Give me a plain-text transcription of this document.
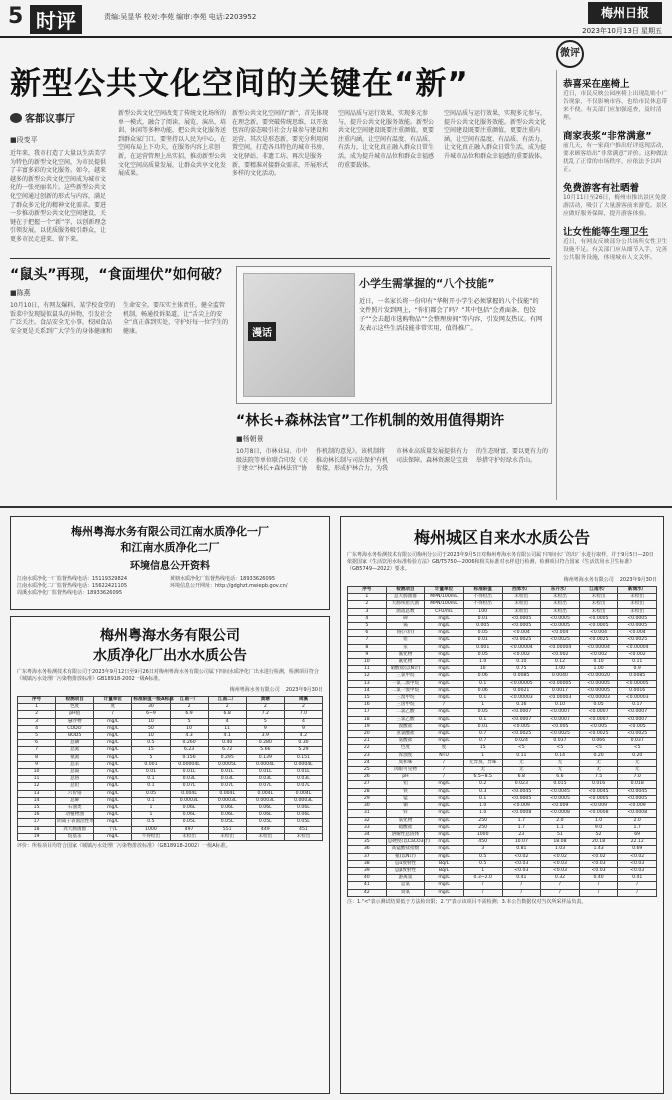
5 时评	责编:吴显华 校对:李苑 编审:李苑 电话:2203952	梅州日报
2023年10月13日 星期五
新型公共文化空间的关键在“新”
客都议事厅
■段变平
近年来，我市打造了大量以生活美学为特色的新型文化空间，为市民提供了丰富多彩的文化服务。如今，越来越多的新型公共文化空间成为城市文化的一张亮丽名片。这些新型公共文化空间通过创新的形式与内容，满足了群众多元化的精神文化需求。要进一步推动新型公共文化空间建设，关键在于把握一个“新”字，以创新理念引领发展，以优质服务吸引群众，让更多市民走进来、留下来。
新型公共文化空间改变了传统文化场所的单一模式，融合了阅读、展览、演出、培训、休闲等多种功能，把公共文化服务送到群众家门口。要坚持以人民为中心，在空间布局上下功夫，在服务内容上求创新，在运营管理上出实招，推动新型公共文化空间高质量发展，让群众共享文化发展成果。
新型公共文化空间的“新”，首先体现在理念新。要突破传统思维，以开放包容的姿态吸引社会力量参与建设和运营。其次是形态新，要充分利用闲置空间，打造各具特色的城市书房、文化驿站、非遗工坊。再次是服务新，要精准对接群众需求，开展形式多样的文化活动。
空间品质与运行效果，实现多元参与，提升公共文化服务效能。新型公共文化空间建设既要注重颜值，更要注重内涵，让空间有温度、有品质、有活力，让文化真正融入群众日常生活，成为提升城市品位和群众幸福感的重要载体。
空间品质与运行效果，实现多元参与，提升公共文化服务效能。新型公共文化空间建设既要注重颜值，更要注重内涵，让空间有温度、有品质、有活力，让文化真正融入群众日常生活，成为提升城市品位和群众幸福感的重要载体。
“鼠头”再现，“食面埋伏”如何破？
■陈燕
10月10日，有网友爆料，某学校食堂的饭菜中发现疑似鼠头的异物，引发社会广泛关注。食品安全无小事，校园食品安全更是关系到广大学生的身体健康和生命安全。要压实主体责任，健全监管机制，畅通投诉渠道，让“舌尖上的安全”真正落到实处，守护好每一位学生的健康。	漫话
小学生需掌握的“八个技能”
近日，一名家长将一份印有“华附开小学生必须掌握的八个技能”的文件照片发到网上，“你们都会了吗？”其中包括“会煮面条、包饺子”“会去超市选购物品”“会整理房间”等内容，引发网友热议。有网友表示这些生活技能非常实用，值得推广。
“林长+森林法官”工作机制的效用值得期许
■杨朝景
10月8日，市林业局、市中级法院等单位联合印发《关于建立“林长+森林法官”协作机制的意见》。该机制将推动林长制与司法保护有机衔接，形成护林合力，为我市林业高质量发展提供有力司法保障。森林资源是宝贵的生态财富，要以更有力的举措守护好绿水青山。
微评
恭喜采在座椅上
近日，市民反映公园座椅上出现乱贴小广告现象，不仅影响市容，也给市民休息带来不便。有关部门应加强巡查，及时清理。
商家表浆“非常满意”
前几天，有一家商户推出好评返现活动，要求顾客给出“非常满意”评价。这种做法扰乱了正常的市场秩序，应依法予以纠正。
免费游客有社晒着
10月11日至26日，梅州市推出景区免费游活动，吸引了大量游客前来游览。景区应做好服务保障，提升游客体验。
让女性能等生理卫生
近日，有网友反映部分公共场所女性卫生设施不足。有关部门应从细节入手，完善公共服务设施，体现城市人文关怀。
梅州粤海水务有限公司江南水质净化一厂
和江南水质净化二厂
环境信息公开资料
江南水质净化一厂监督热线电话：15119329824	黄塘水质净化厂监督热线电话：18933626095
江南水质净化二厂监督热线电话：15622421105	环境信息公开网址：http://gdghzt.meiepb.gov.cn/
周溪水质净化厂监督热线电话：18933626095
梅州粤海水务有限公司
水质净化厂出水水质公告
广东粤海水务检测技术有限公司于2023年9月12日至9月26日对梅州粤海水务有限公司属下四间水质净化厂出水进行检测，检测项目符合《城镇污水处理厂污染物排放标准》GB18918-2002一级A标准。
梅州粤海水务有限公司 2023年9月30日
序号	检测项目	计量单位	标准限值一级A标准	江南一厂	江南二厂	黄塘	周溪
1	色度	度	30	2	2	2	2
2	pH值	/	6~9	6.9	6.8	7.2	7.0
3	悬浮物	mg/L	10	5	4	5	4
4	CODcr	mg/L	50	10	11	9	9
5	BOD5	mg/L	10	4.3	4.1	3.9	4.2
6	总磷	mg/L	0.5	0.260	0.40	0.280	0.30
7	总氮	mg/L	15	6.23	6.72	5.66	5.29
8	氨氮	mg/L	5	0.156	0.295	0.139	0.151
9	总汞	mg/L	0.001	0.00004L	0.0005L	0.0004L	0.0004L
10	总镉	mg/L	0.01	0.01L	0.01L	0.01L	0.01L
11	总铬	mg/L	0.1	0.03L	0.03L	0.03L	0.03L
12	总铅	mg/L	0.1	0.07L	0.07L	0.07L	0.07L
13	六价铬	mg/L	0.05	0.004L	0.004L	0.004L	0.004L
14	总砷	mg/L	0.1	0.0003L	0.0003L	0.0003L	0.0003L
15	石油类	mg/L	1	0.06L	0.06L	0.06L	0.06L
16	动植物油	mg/L	1	0.06L	0.06L	0.06L	0.06L
17	阴离子表面活性剂	mg/L	0.5	0.05L	0.05L	0.05L	0.05L
18	粪大肠菌群	个/L	1000	497	551	449	451
19	烷基汞	mg/L	不得检出	未检出	未检出	未检出	未检出
评价：所检项目均符合国家《城镇污水处理厂污染物排放标准》（GB18918-2002）一级A标准。
梅州城区自来水水质公告
广东粤海水务检测技术有限公司梅州分公司于2023年9月5日对梅州粤海水务有限公司属下四间水厂的出厂水进行取样，并于9月5日—20日依据国家《生活饮用水标准检验方法》GB/T5750—2006和相关标准对水样进行检测，检测项目符合国家《生活饮用水卫生标准》（GB5749—2022）要求。
梅州粤海水务有限公司 2023年9月30日
序号	检测项目	计量单位	标准限值	西郊水厂	东升水厂	江南水厂	新城水厂
1	总大肠菌群	MPN/100mL	不得检出	未检出	未检出	未检出	未检出
2	大肠埃希氏菌	MPN/100mL	不得检出	未检出	未检出	未检出	未检出
3	菌落总数	CFU/mL	100	未检出	未检出	未检出	未检出
4	砷	mg/L	0.01	<0.0005	<0.0005	<0.0005	<0.0005
5	镉	mg/L	0.005	<0.0005	<0.0005	<0.0005	<0.0005
6	铬(六价)	mg/L	0.05	<0.004	<0.004	<0.004	<0.004
7	铅	mg/L	0.01	<0.0025	<0.0025	<0.0025	<0.0025
8	汞	mg/L	0.001	<0.00004	<0.00004	<0.00004	<0.00004
9	氰化物	mg/L	0.05	<0.002	<0.002	<0.002	<0.002
10	氟化物	mg/L	1.0	0.10	0.12	0.10	0.11
11	硝酸盐(以N计)	mg/L	10	0.75	1.00	1.00	0.9
12	三氯甲烷	mg/L	0.06	0.0085	0.0040	<0.00020	0.0085
13	一氯二溴甲烷	mg/L	0.1	<0.00005	<0.00005	<0.00005	<0.00005
14	二氯一溴甲烷	mg/L	0.06	0.0021	0.0017	<0.00005	0.0016
15	三溴甲烷	mg/L	0.1	<0.00003	<0.00003	<0.00003	<0.00003
16	三卤甲烷	/	1	0.16	0.10	0.05	0.17
17	二氯乙酸	mg/L	0.05	<0.0007	<0.0007	<0.0007	<0.0007
18	三氯乙酸	mg/L	0.1	<0.0007	<0.0007	<0.0007	<0.0007
19	溴酸盐	mg/L	0.01	<0.005	<0.005	<0.005	<0.005
20	亚氯酸盐	mg/L	0.7	<0.0025	<0.0025	<0.0025	<0.0025
21	氯酸盐	mg/L	0.7	0.024	0.037	0.066	0.037
22	色度	度	15	<5	<5	<5	<5
23	浑浊度	NTU	1	0.11	0.14	0.20	0.20
24	臭和味	/	无异臭、异味	无	无	无	无
25	肉眼可见物	/	无	无	无	无	无
26	pH	/	6.5~8.5	6.8	6.6	7.5	7.0
27	铝	mg/L	0.2	0.023	0.015	0.016	0.018
28	铁	mg/L	0.3	<0.0045	<0.0045	<0.0045	<0.0045
29	锰	mg/L	0.1	<0.0005	<0.0005	<0.0005	<0.0005
30	铜	mg/L	1.0	<0.009	<0.009	<0.009	<0.009
31	锌	mg/L	1.0	<0.0008	<0.0008	<0.0008	<0.0008
32	氯化物	mg/L	250	1.7	2.0	1.0	2.0
33	硫酸盐	mg/L	250	1.7	1.1	9.0	1.7
34	溶解性总固体	mg/L	1000	23	51	52	69
35	总硬度(以CaCO3计)	mg/L	450	10.07	18.08	20.18	22.12
36	高锰酸盐指数	mg/L	3	0.81	1.03	1.43	0.69
37	氨(以N计)	mg/L	0.5	<0.02	<0.02	<0.02	<0.02
38	总α放射性	Bq/L	0.5	<0.03	<0.03	<0.03	<0.03
39	总β放射性	Bq/L	1	<0.03	<0.03	<0.03	<0.03
40	游离氯	mg/L	0.3~2.0	0.41	0.32	0.40	0.41
41	总氯	mg/L	/	/	/	/	/
42	臭氧	mg/L	/	/	/	/	/
注：1."<"表示测试结果低于方法检出限；2."/"表示该项目不需检测；3.本公告数据仅对当次所采样品负责。
